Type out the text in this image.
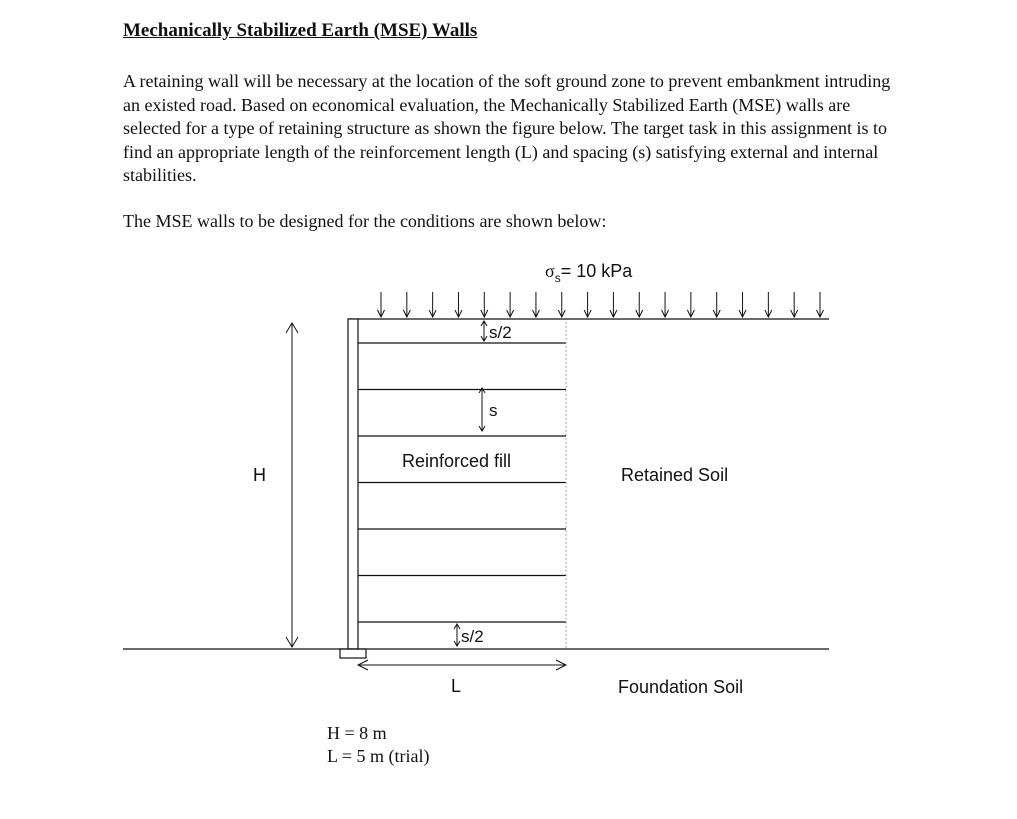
Mechanically Stabilized Earth (MSE) Walls
A retaining wall will be necessary at the location of the soft ground zone to prevent embankment intruding an existed road. Based on economical evaluation, the Mechanically Stabilized Earth (MSE) walls are selected for a type of retaining structure as shown the figure below. The target task in this assignment is to find an appropriate length of the reinforcement length (L) and spacing (s) satisfying external and internal stabilities.
The MSE walls to be designed for the conditions are shown below:
$\sigma_s= 10$ kPa
H
L
s/2
s
s/2
Reinforced fill
Retained Soil
Foundation Soil
H = 8 m
L = 5 m (trial)
